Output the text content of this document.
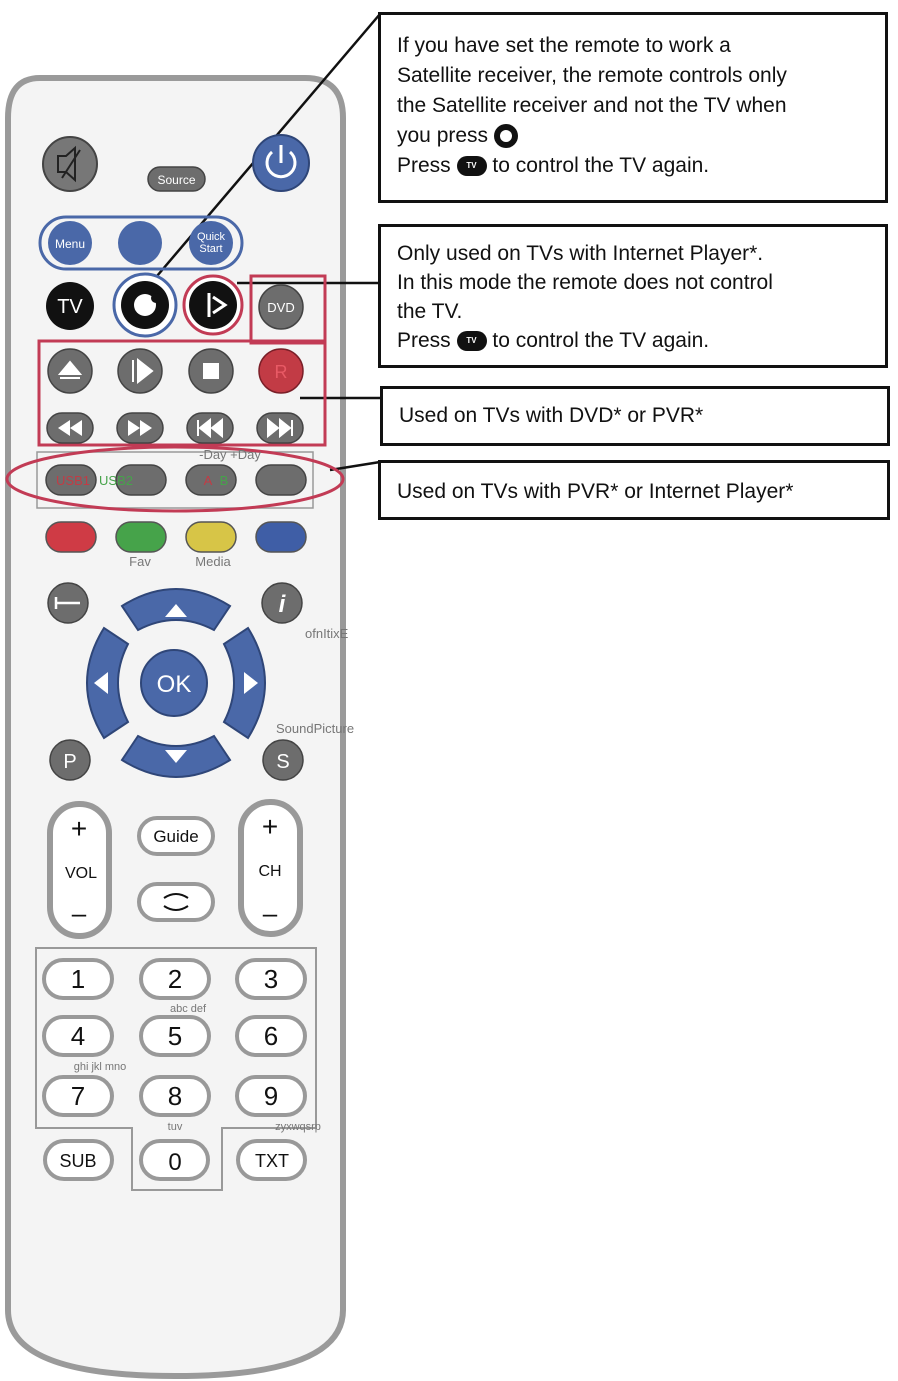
Source
Menu	Quick
Start
TV	DVD
R
-Day +Day
USB1 USB2	A B
Fav	Media
i
ofnItixE
OK
SoundPicture
P	S
+
VOL
–
+
CH
–
Guide
1	2	3
4	5	6
7	8	9
abc def
ghi jkl mno
tuv	zyxwqsrp
SUB	0	TXT
If you have set the remote to work a
Satellite receiver, the remote controls only
the Satellite receiver and not the TV when
you press
Press TV to control the TV again.
Only used on TVs with Internet Player*.
In this mode the remote does not control
the TV.
Press TV to control the TV again.
Used on TVs with DVD* or PVR*
Used on TVs with PVR* or Internet Player*
